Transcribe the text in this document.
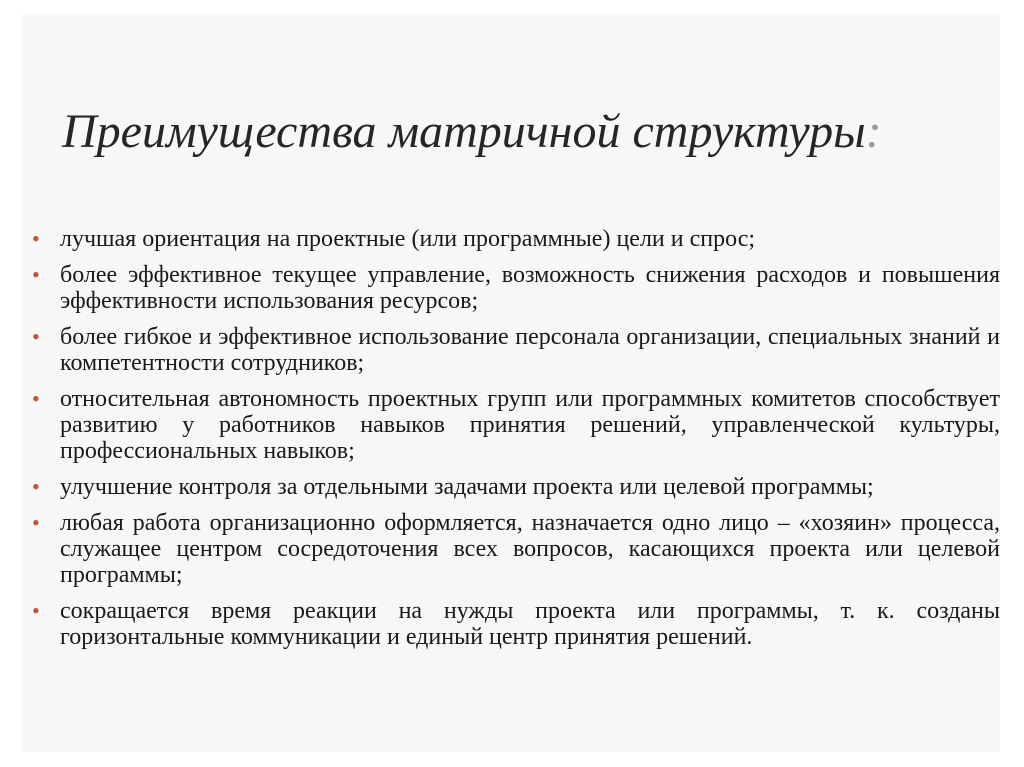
Преимущества матричной структуры:
• лучшая ориентация на проектные (или программные) цели и спрос;
• более эффективное текущее управление, возможность снижения расходов и повышения эффективности использования ресурсов;
• более гибкое и эффективное использование персонала организации, специальных знаний и компетентности сотрудников;
• относительная автономность проектных групп или программных комитетов способствует развитию у работников навыков принятия решений, управленческой культуры, профессиональных навыков;
• улучшение контроля за отдельными задачами проекта или целевой программы;
• любая работа организационно оформляется, назначается одно лицо – «хозяин» процесса, служащее центром сосредоточения всех вопросов, касающихся проекта или целевой программы;
• сокращается время реакции на нужды проекта или программы, т. к. созданы горизонтальные коммуникации и единый центр принятия решений.
